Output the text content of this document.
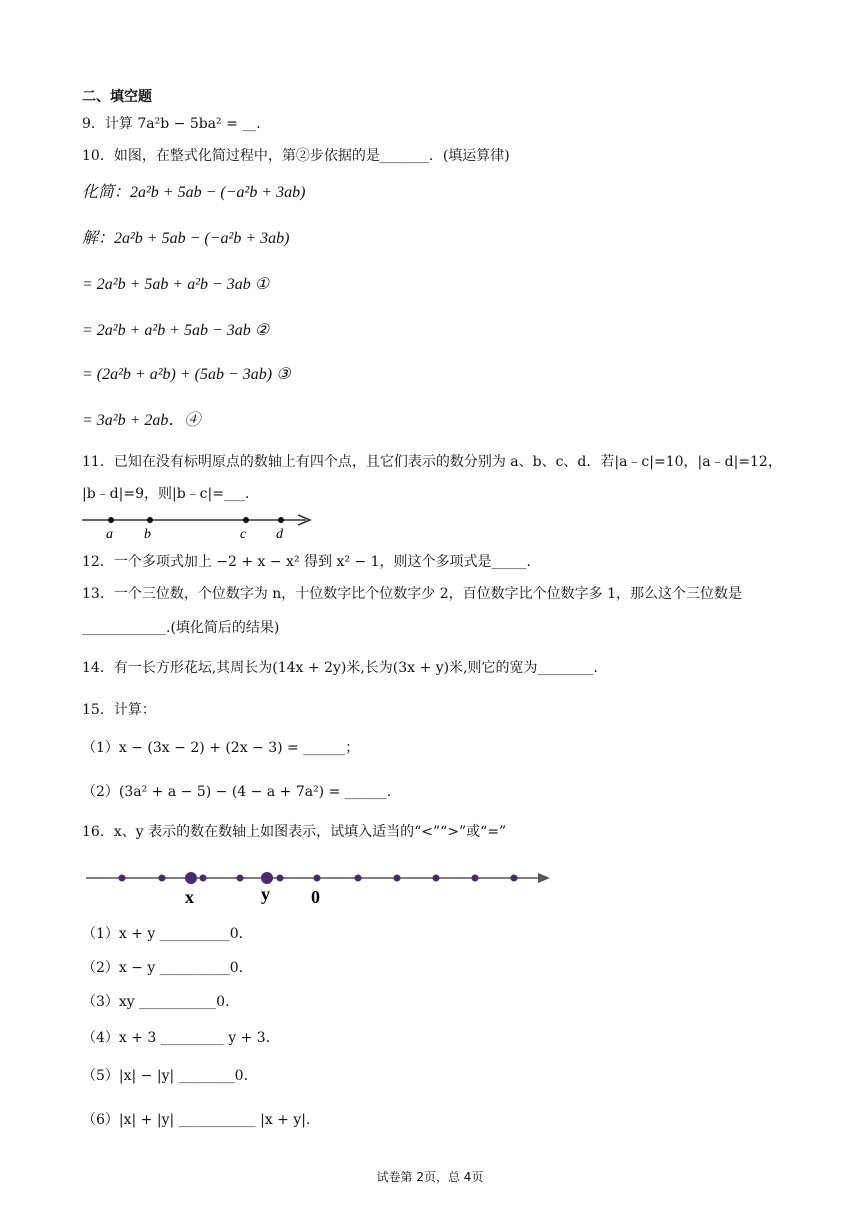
二、填空题
9．计算 7a²b − 5ba² = __．
10．如图，在整式化简过程中，第②步依据的是_______．(填运算律)
化简：2a²b + 5ab − (−a²b + 3ab)
解：2a²b + 5ab − (−a²b + 3ab)
= 2a²b + 5ab + a²b − 3ab ①
= 2a²b + a²b + 5ab − 3ab ②
= (2a²b + a²b) + (5ab − 3ab) ③
= 3a²b + 2ab．④
11．已知在没有标明原点的数轴上有四个点，且它们表示的数分别为 a、b、c、d．若|a﹣c|=10，|a﹣d|=12，
|b﹣d|=9，则|b﹣c|=___．
a b	c d
12．一个多项式加上 −2 + x − x² 得到 x² − 1，则这个多项式是_____．
13．一个三位数，个位数字为 n，十位数字比个位数字少 2，百位数字比个位数字多 1，那么这个三位数是
____________.(填化简后的结果)
14．有一长方形花坛,其周长为(14x + 2y)米,长为(3x + y)米,则它的宽为________．
15．计算：
（1）x − (3x − 2) + (2x − 3) = ______；
（2）(3a² + a − 5) − (4 − a + 7a²) = ______.
16．x、y 表示的数在数轴上如图表示，试填入适当的“<”“>”或“=”
x	y 0
（1）x + y __________0．
（2）x − y __________0．
（3）xy ___________0．
（4）x + 3 _________ y + 3．
（5）|x| − |y| ________0．
（6）|x| + |y| ___________ |x + y|．
试卷第 2页，总 4页
